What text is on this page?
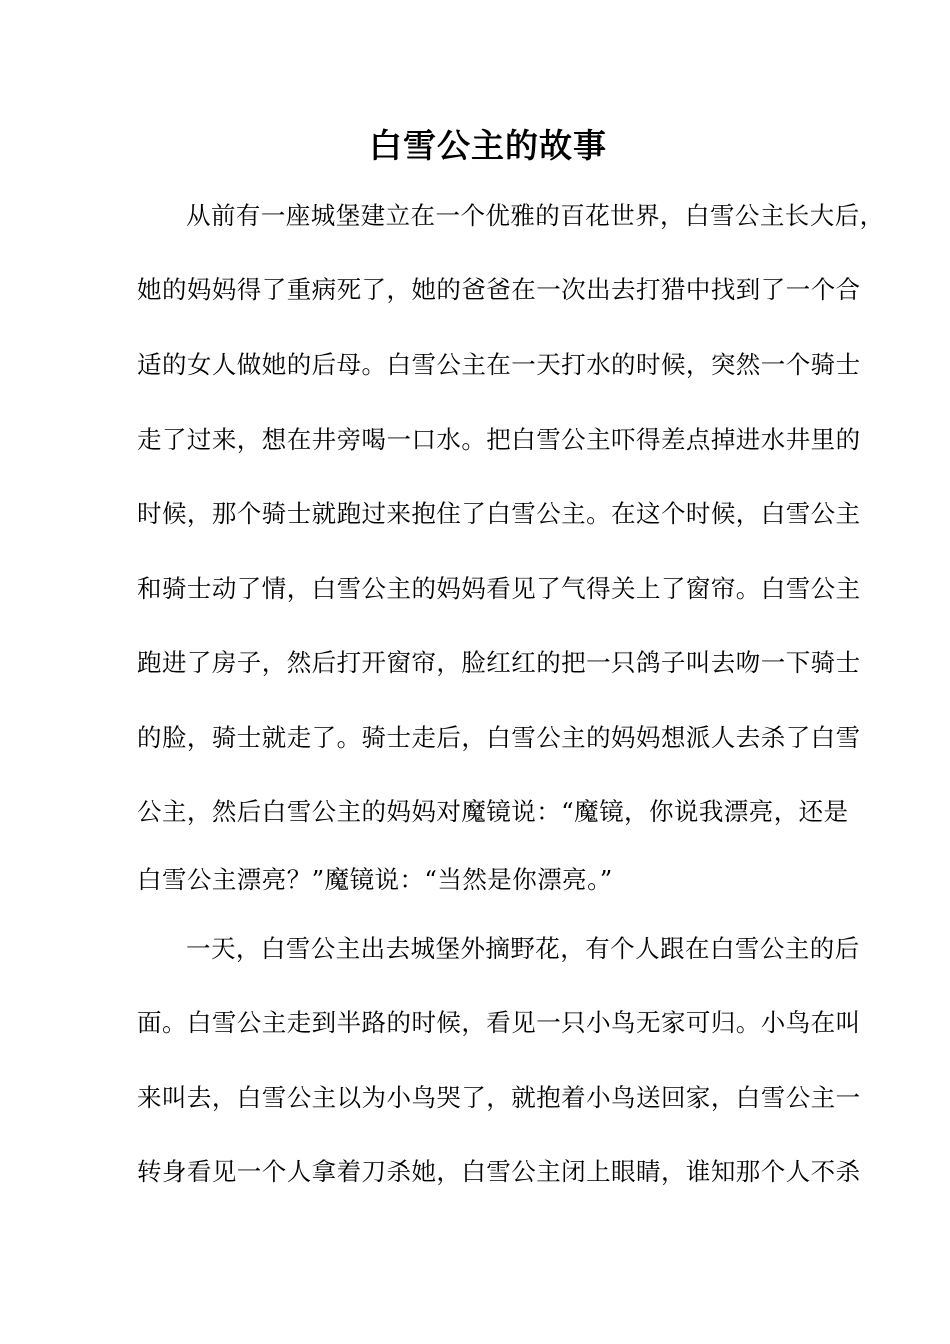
白雪公主的故事
从前有一座城堡建立在一个优雅的百花世界，白雪公主长大后，
她的妈妈得了重病死了，她的爸爸在一次出去打猎中找到了一个合
适的女人做她的后母。白雪公主在一天打水的时候，突然一个骑士
走了过来，想在井旁喝一口水。把白雪公主吓得差点掉进水井里的
时候，那个骑士就跑过来抱住了白雪公主。在这个时候，白雪公主
和骑士动了情，白雪公主的妈妈看见了气得关上了窗帘。白雪公主
跑进了房子，然后打开窗帘，脸红红的把一只鸽子叫去吻一下骑士
的脸，骑士就走了。骑士走后，白雪公主的妈妈想派人去杀了白雪
公主，然后白雪公主的妈妈对魔镜说：“魔镜，你说我漂亮，还是
白雪公主漂亮？”魔镜说：“当然是你漂亮。”
一天，白雪公主出去城堡外摘野花，有个人跟在白雪公主的后
面。白雪公主走到半路的时候，看见一只小鸟无家可归。小鸟在叫
来叫去，白雪公主以为小鸟哭了，就抱着小鸟送回家，白雪公主一
转身看见一个人拿着刀杀她，白雪公主闭上眼睛，谁知那个人不杀
